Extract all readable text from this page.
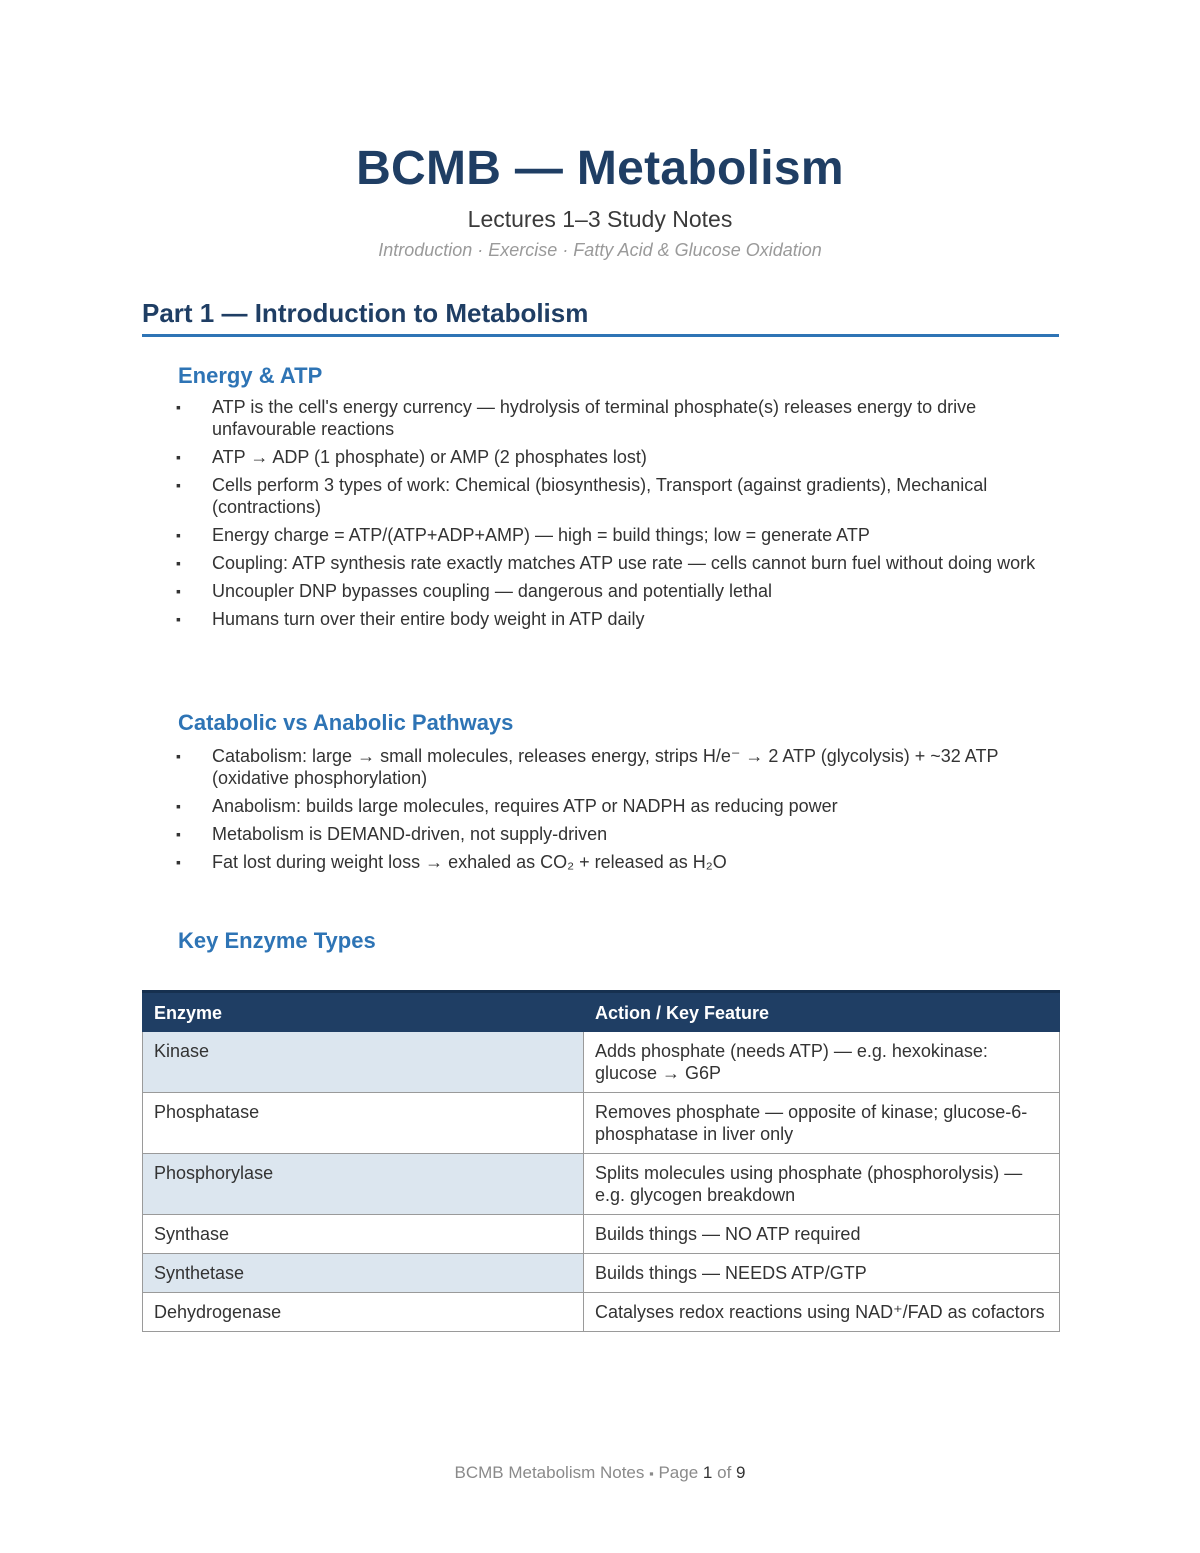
BCMB — Metabolism
Lectures 1–3 Study Notes
Introduction · Exercise · Fatty Acid & Glucose Oxidation
Part 1 — Introduction to Metabolism
Energy & ATP
▪ ATP is the cell's energy currency — hydrolysis of terminal phosphate(s) releases energy to drive unfavourable reactions
▪ ATP → ADP (1 phosphate) or AMP (2 phosphates lost)
▪ Cells perform 3 types of work: Chemical (biosynthesis), Transport (against gradients), Mechanical (contractions)
▪ Energy charge = ATP/(ATP+ADP+AMP) — high = build things; low = generate ATP
▪ Coupling: ATP synthesis rate exactly matches ATP use rate — cells cannot burn fuel without doing work
▪ Uncoupler DNP bypasses coupling — dangerous and potentially lethal
▪ Humans turn over their entire body weight in ATP daily
Catabolic vs Anabolic Pathways
▪ Catabolism: large → small molecules, releases energy, strips H/e⁻ → 2 ATP (glycolysis) + ~32 ATP (oxidative phosphorylation)
▪ Anabolism: builds large molecules, requires ATP or NADPH as reducing power
▪ Metabolism is DEMAND-driven, not supply-driven
▪ Fat lost during weight loss → exhaled as CO₂ + released as H₂O
Key Enzyme Types
Enzyme	Action / Key Feature
Kinase	Adds phosphate (needs ATP) — e.g. hexokinase: glucose → G6P
Phosphatase	Removes phosphate — opposite of kinase; glucose-6-phosphatase in liver only
Phosphorylase	Splits molecules using phosphate (phosphorolysis) — e.g. glycogen breakdown
Synthase	Builds things — NO ATP required
Synthetase	Builds things — NEEDS ATP/GTP
Dehydrogenase	Catalyses redox reactions using NAD⁺/FAD as cofactors
BCMB Metabolism Notes ▪ Page 1 of 9
